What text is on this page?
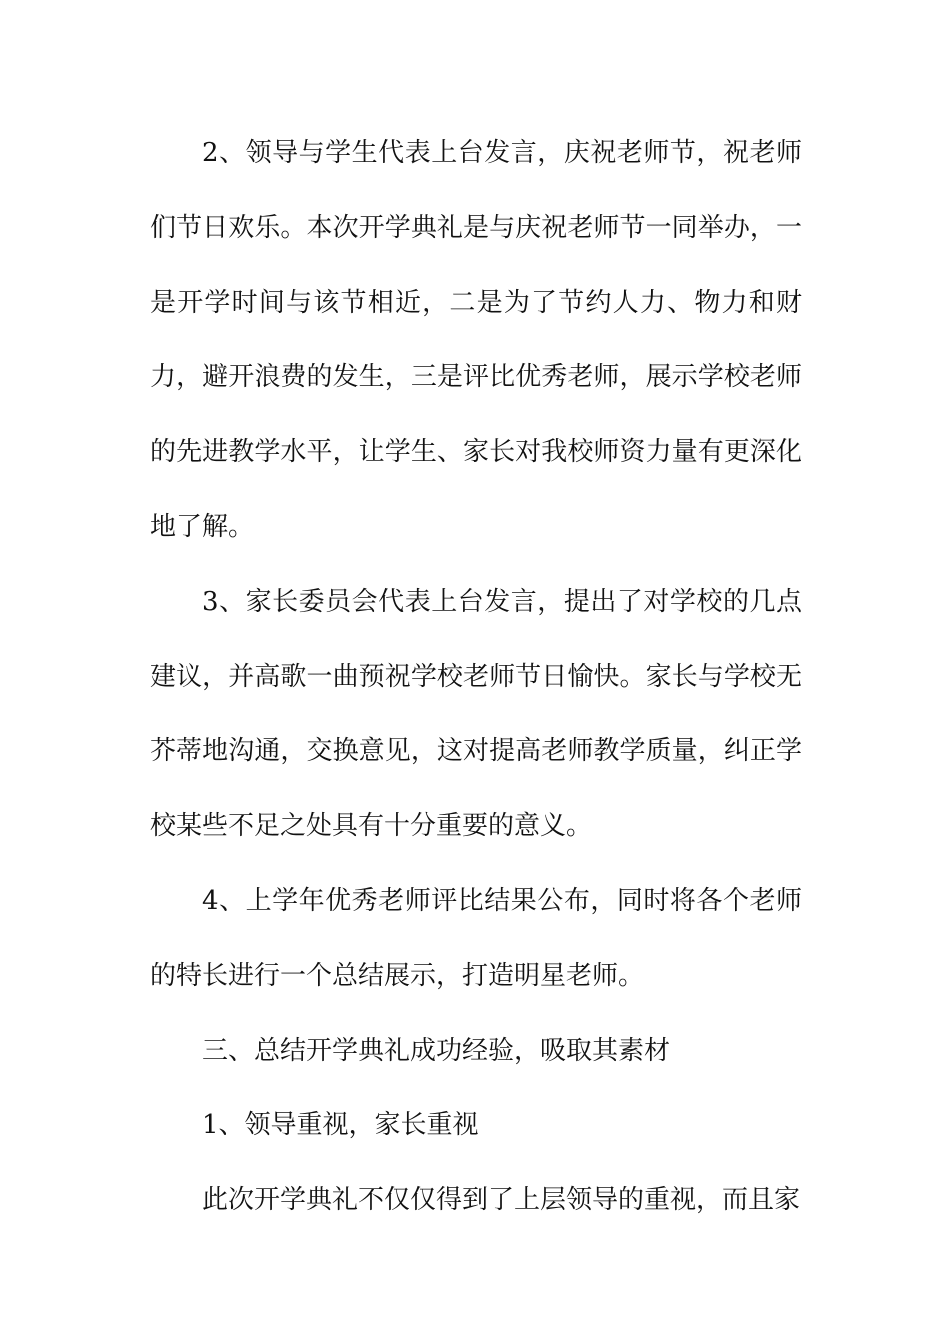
2、领导与学生代表上台发言，庆祝老师节，祝老师们节日欢乐。本次开学典礼是与庆祝老师节一同举办，一是开学时间与该节相近，二是为了节约人力、物力和财力，避开浪费的发生，三是评比优秀老师，展示学校老师的先进教学水平，让学生、家长对我校师资力量有更深化地了解。

3、家长委员会代表上台发言，提出了对学校的几点建议，并高歌一曲预祝学校老师节日愉快。家长与学校无芥蒂地沟通，交换意见，这对提高老师教学质量，纠正学校某些不足之处具有十分重要的意义。

4、上学年优秀老师评比结果公布，同时将各个老师的特长进行一个总结展示，打造明星老师。

三、总结开学典礼成功经验，吸取其素材

1、领导重视，家长重视

此次开学典礼不仅仅得到了上层领导的重视，而且家
